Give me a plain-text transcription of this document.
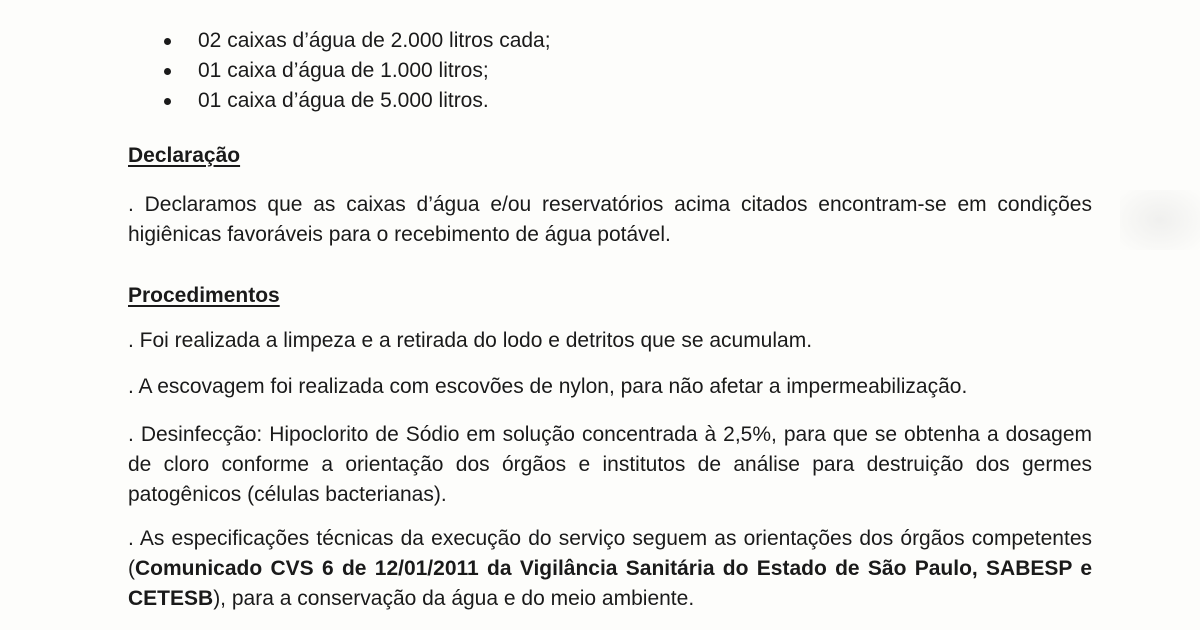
02 caixas d’água de 2.000 litros cada;
01 caixa d’água de 1.000 litros;
01 caixa d’água de 5.000 litros.
Declaração

. Declaramos que as caixas d’água e/ou reservatórios acima citados encontram-se em condições higiênicas favoráveis para o recebimento de água potável.

Procedimentos

. Foi realizada a limpeza e a retirada do lodo e detritos que se acumulam.

. A escovagem foi realizada com escovões de nylon, para não afetar a impermeabilização.

. Desinfecção: Hipoclorito de Sódio em solução concentrada à 2,5%, para que se obtenha a dosagem de cloro conforme a orientação dos órgãos e institutos de análise para destruição dos germes patogênicos (células bacterianas).

. As especificações técnicas da execução do serviço seguem as orientações dos órgãos competentes (Comunicado CVS 6 de 12/01/2011 da Vigilância Sanitária do Estado de São Paulo, SABESP e CETESB), para a conservação da água e do meio ambiente.
